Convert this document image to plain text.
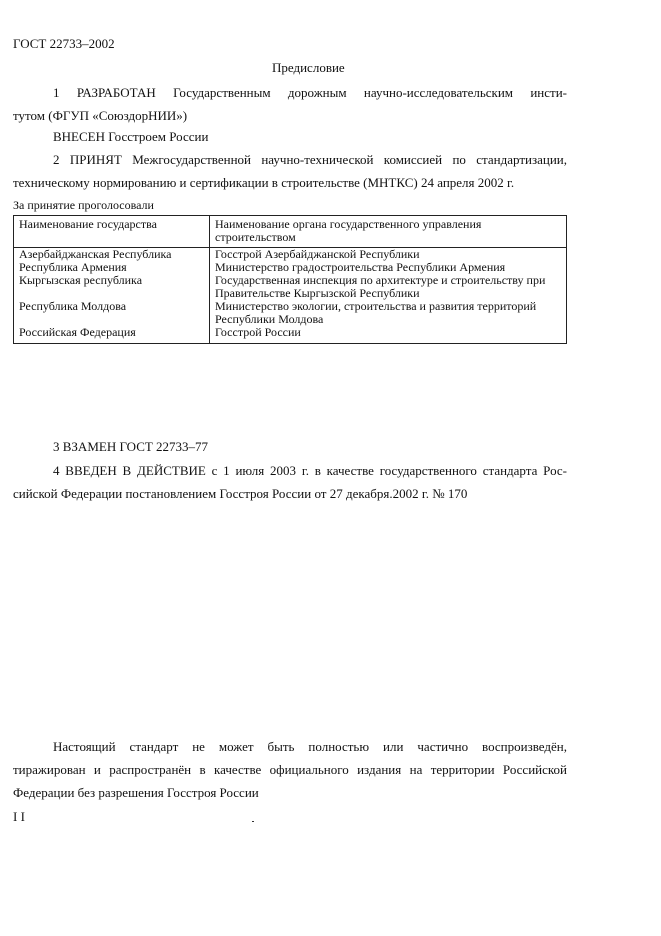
ГОСТ 22733–2002
Предисловие
1 РАЗРАБОТАН Государственным дорожным научно-исследовательским инсти-
тутом (ФГУП «СоюздорНИИ»)
ВНЕСЕН Госстроем России
2 ПРИНЯТ Межгосударственной научно-технической комиссией по стандартизации,
техническому нормированию и сертификации в строительстве (МНТКС) 24 апреля 2002 г.
За принятие проголосовали
Наименование государства	Наименование органа государственного управления строительством
Азербайджанская Республика	Госстрой Азербайджанской Республики
Республика Армения	Министерство градостроительства Республики Армения
Кыргызская республика	Государственная инспекция по архитектуре и строительству при Правительстве Кыргызской Республики
Республика Молдова	Министерство экологии, строительства и развития территорий Республики Молдова
Российская Федерация	Госстрой России
3 ВЗАМЕН ГОСТ 22733–77
4 ВВЕДЕН В ДЕЙСТВИЕ с 1 июля 2003 г. в качестве государственного стандарта Рос-
сийской Федерации постановлением Госстроя России от 27 декабря.2002 г. № 170
Настоящий стандарт не может быть полностью или частично воспроизведён,
тиражирован и распространён в качестве официального издания на территории Российской
Федерации без разрешения Госстроя России
I I
